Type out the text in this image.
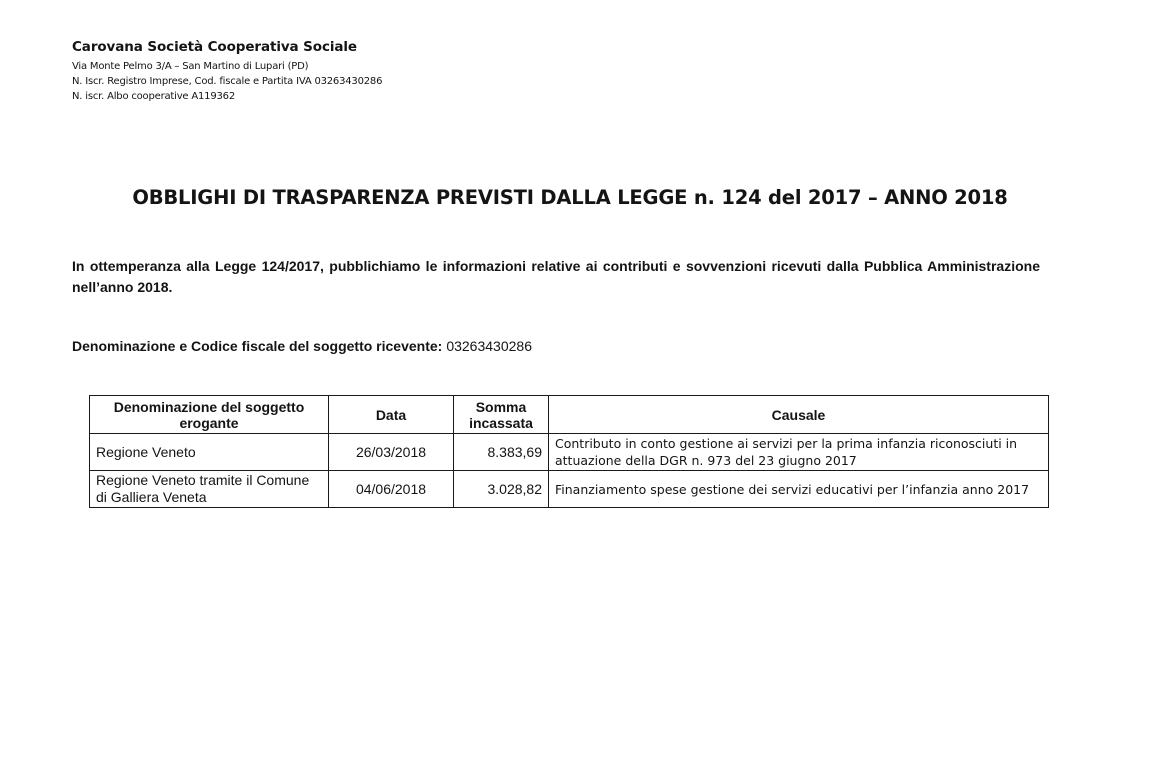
Carovana Società Cooperativa Sociale
Via Monte Pelmo 3/A – San Martino di Lupari (PD)
N. Iscr. Registro Imprese, Cod. fiscale e Partita IVA 03263430286
N. iscr. Albo cooperative A119362
OBBLIGHI DI TRASPARENZA PREVISTI DALLA LEGGE n. 124 del 2017 – ANNO 2018
In ottemperanza alla Legge 124/2017, pubblichiamo le informazioni relative ai contributi e sovvenzioni ricevuti dalla Pubblica Amministrazione nell’anno 2018.
Denominazione e Codice fiscale del soggetto ricevente: 03263430286
Denominazione del soggetto erogante	Data	Somma incassata	Causale
Regione Veneto	26/03/2018	8.383,69	Contributo in conto gestione ai servizi per la prima infanzia riconosciuti in attuazione della DGR n. 973 del 23 giugno 2017
Regione Veneto tramite il Comune di Galliera Veneta	04/06/2018	3.028,82	Finanziamento spese gestione dei servizi educativi per l’infanzia anno 2017
